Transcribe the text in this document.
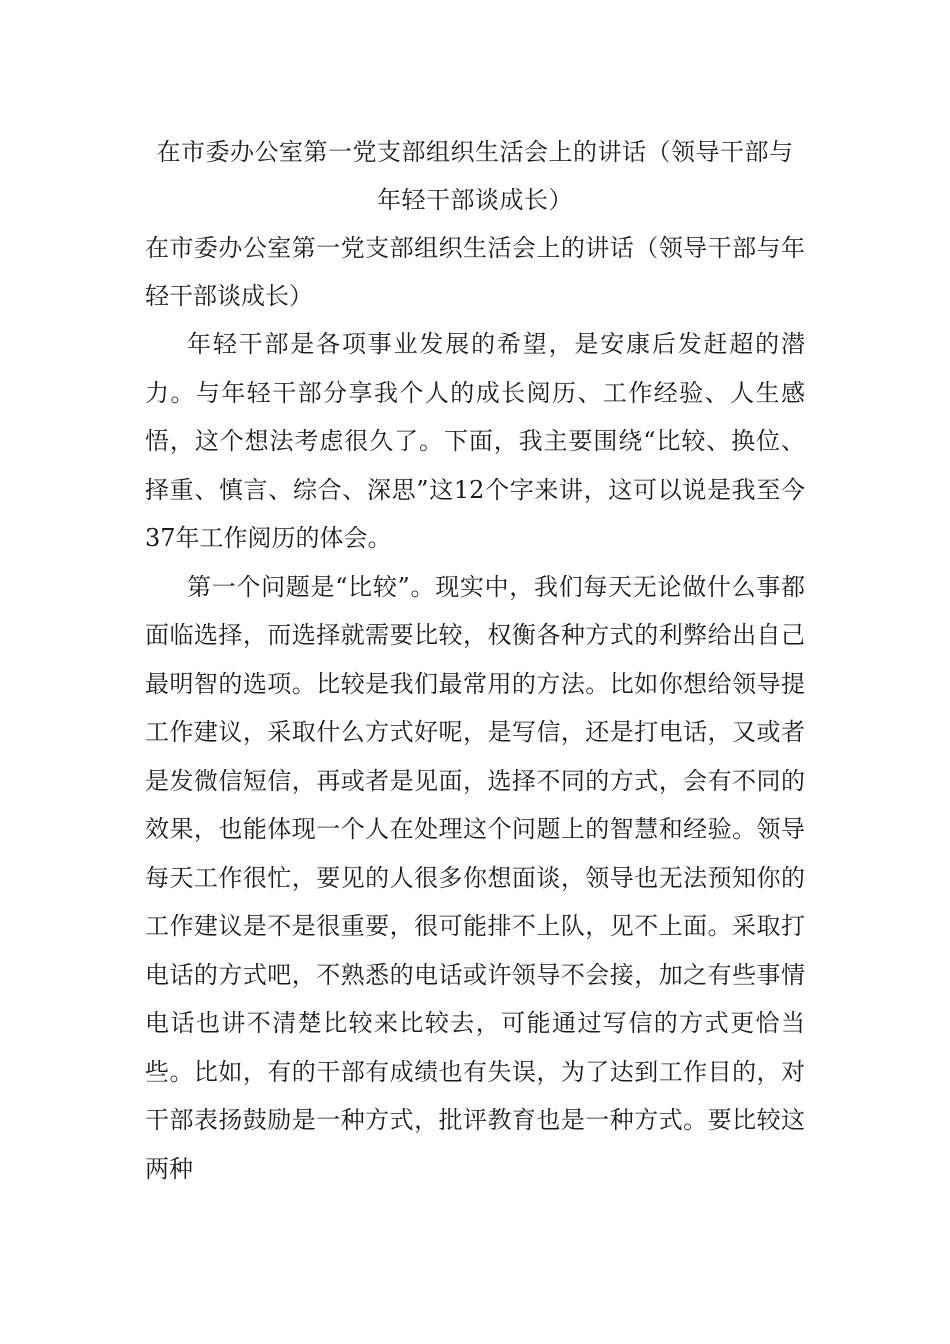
在市委办公室第一党支部组织生活会上的讲话（领导干部与年轻干部谈成长）

在市委办公室第一党支部组织生活会上的讲话（领导干部与年轻干部谈成长）

年轻干部是各项事业发展的希望，是安康后发赶超的潜力。与年轻干部分享我个人的成长阅历、工作经验、人生感悟，这个想法考虑很久了。下面，我主要围绕“比较、换位、择重、慎言、综合、深思”这12个字来讲，这可以说是我至今37年工作阅历的体会。

第一个问题是“比较”。现实中，我们每天无论做什么事都面临选择，而选择就需要比较，权衡各种方式的利弊给出自己最明智的选项。比较是我们最常用的方法。比如你想给领导提工作建议，采取什么方式好呢，是写信，还是打电话，又或者是发微信短信，再或者是见面，选择不同的方式，会有不同的效果，也能体现一个人在处理这个问题上的智慧和经验。领导每天工作很忙，要见的人很多你想面谈，领导也无法预知你的工作建议是不是很重要，很可能排不上队，见不上面。采取打电话的方式吧，不熟悉的电话或许领导不会接，加之有些事情电话也讲不清楚比较来比较去，可能通过写信的方式更恰当些。比如，有的干部有成绩也有失误，为了达到工作目的，对干部表扬鼓励是一种方式，批评教育也是一种方式。要比较这两种
